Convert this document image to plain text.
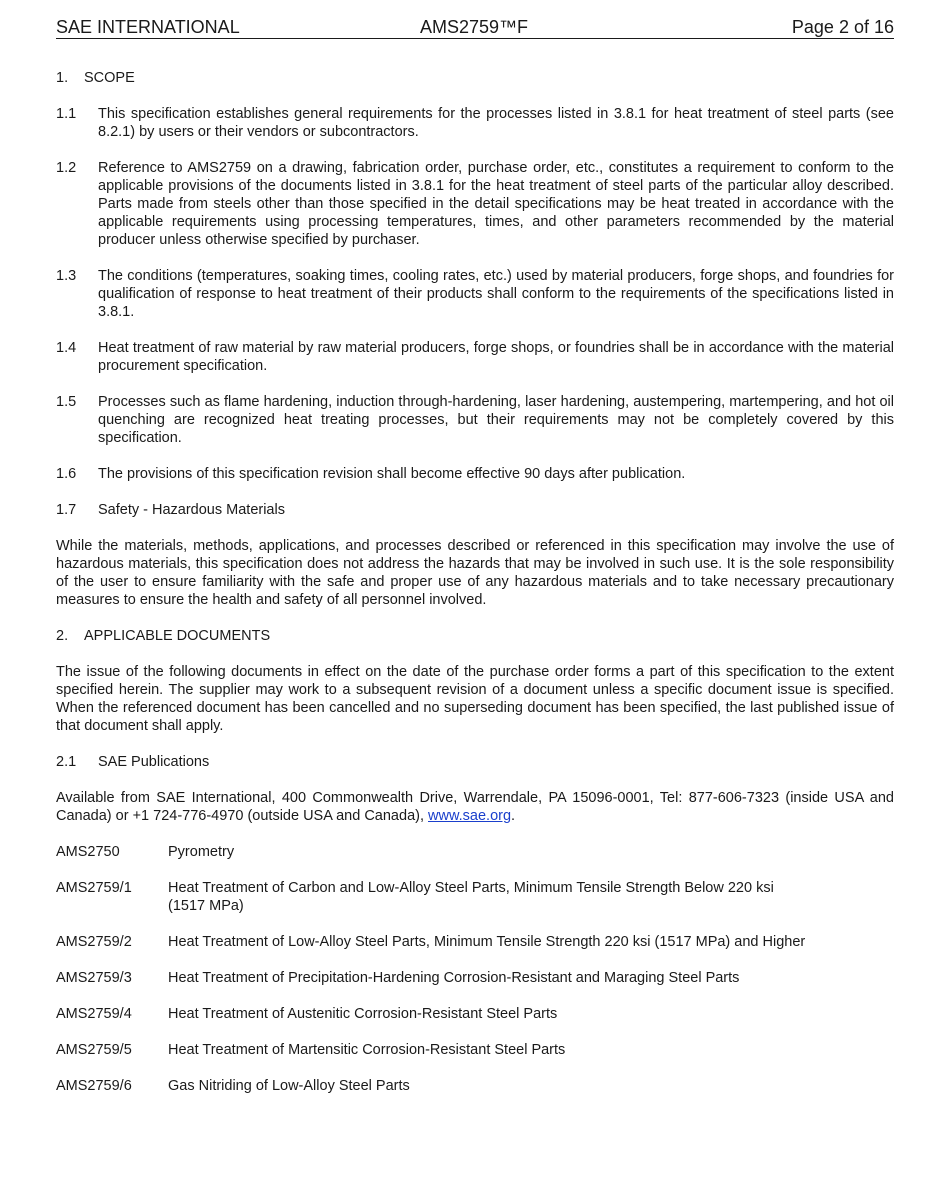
SAE INTERNATIONAL	AMS2759™F	Page 2 of 16
1. SCOPE
1.1	This specification establishes general requirements for the processes listed in 3.8.1 for heat treatment of steel parts (see 8.2.1) by users or their vendors or subcontractors.
1.2	Reference to AMS2759 on a drawing, fabrication order, purchase order, etc., constitutes a requirement to conform to the applicable provisions of the documents listed in 3.8.1 for the heat treatment of steel parts of the particular alloy described. Parts made from steels other than those specified in the detail specifications may be heat treated in accordance with the applicable requirements using processing temperatures, times, and other parameters recommended by the material producer unless otherwise specified by purchaser.
1.3	The conditions (temperatures, soaking times, cooling rates, etc.) used by material producers, forge shops, and foundries for qualification of response to heat treatment of their products shall conform to the requirements of the specifications listed in 3.8.1.
1.4	Heat treatment of raw material by raw material producers, forge shops, or foundries shall be in accordance with the material procurement specification.
1.5	Processes such as flame hardening, induction through-hardening, laser hardening, austempering, martempering, and hot oil quenching are recognized heat treating processes, but their requirements may not be completely covered by this specification.
1.6	The provisions of this specification revision shall become effective 90 days after publication.
1.7	Safety - Hazardous Materials
While the materials, methods, applications, and processes described or referenced in this specification may involve the use of hazardous materials, this specification does not address the hazards that may be involved in such use. It is the sole responsibility of the user to ensure familiarity with the safe and proper use of any hazardous materials and to take necessary precautionary measures to ensure the health and safety of all personnel involved.
2. APPLICABLE DOCUMENTS
The issue of the following documents in effect on the date of the purchase order forms a part of this specification to the extent specified herein. The supplier may work to a subsequent revision of a document unless a specific document issue is specified. When the referenced document has been cancelled and no superseding document has been specified, the last published issue of that document shall apply.
2.1	SAE Publications
Available from SAE International, 400 Commonwealth Drive, Warrendale, PA 15096-0001, Tel: 877-606-7323 (inside USA and Canada) or +1 724-776-4970 (outside USA and Canada), www.sae.org.
AMS2750	Pyrometry
AMS2759/1	Heat Treatment of Carbon and Low-Alloy Steel Parts, Minimum Tensile Strength Below 220 ksi
(1517 MPa)
AMS2759/2	Heat Treatment of Low-Alloy Steel Parts, Minimum Tensile Strength 220 ksi (1517 MPa) and Higher
AMS2759/3	Heat Treatment of Precipitation-Hardening Corrosion-Resistant and Maraging Steel Parts
AMS2759/4	Heat Treatment of Austenitic Corrosion-Resistant Steel Parts
AMS2759/5	Heat Treatment of Martensitic Corrosion-Resistant Steel Parts
AMS2759/6	Gas Nitriding of Low-Alloy Steel Parts
